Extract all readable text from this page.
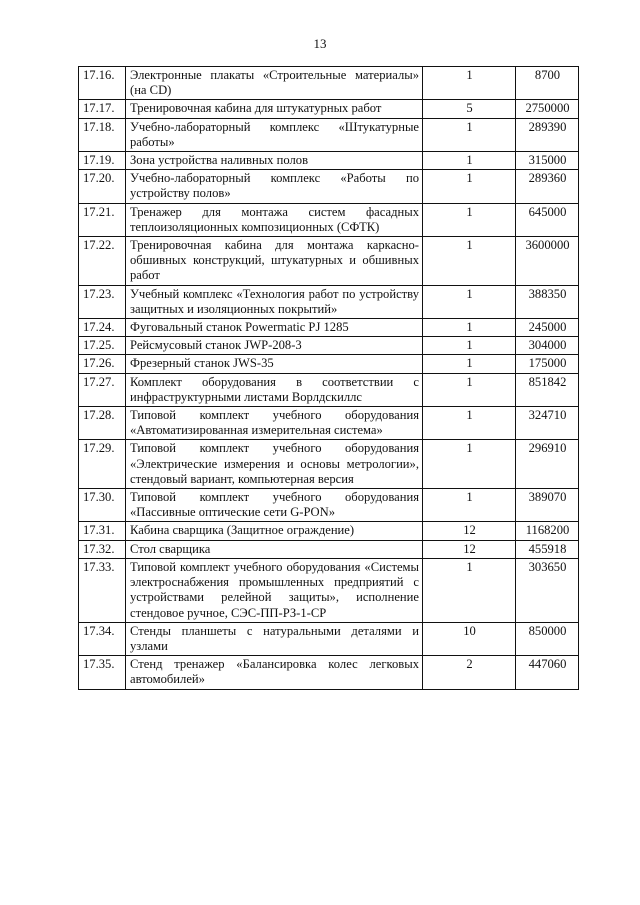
13
17.16.	Электронные плакаты «Строительные материалы» (на CD)	1	8700
17.17.	Тренировочная кабина для штукатурных работ	5	2750000
17.18.	Учебно-лабораторный комплекс «Штукатурные работы»	1	289390
17.19.	Зона устройства наливных полов	1	315000
17.20.	Учебно-лабораторный комплекс «Работы по устройству полов»	1	289360
17.21.	Тренажер для монтажа систем фасадных теплоизоляционных композиционных (СФТК)	1	645000
17.22.	Тренировочная кабина для монтажа каркасно- обшивных конструкций, штукатурных и обшивных работ	1	3600000
17.23.	Учебный комплекс «Технология работ по устройству защитных и изоляционных покрытий»	1	388350
17.24.	Фуговальный станок Powermatic PJ 1285	1	245000
17.25.	Рейсмусовый станок JWP-208-3	1	304000
17.26.	Фрезерный станок JWS-35	1	175000
17.27.	Комплект оборудования в соответствии с инфраструктурными листами Ворлдскиллс	1	851842
17.28.	Типовой комплект учебного оборудования «Автоматизированная измерительная система»	1	324710
17.29.	Типовой комплект учебного оборудования «Электрические измерения и основы метрологии», стендовый вариант, компьютерная версия	1	296910
17.30.	Типовой комплект учебного оборудования «Пассивные оптические сети G-PON»	1	389070
17.31.	Кабина сварщика (Защитное ограждение)	12	1168200
17.32.	Стол сварщика	12	455918
17.33.	Типовой комплект учебного оборудования «Системы электроснабжения промышленных предприятий с устройствами релейной защиты», исполнение стендовое ручное, СЭС-ПП-РЗ-1-СР	1	303650
17.34.	Стенды планшеты с натуральными деталями и узлами	10	850000
17.35.	Стенд тренажер «Балансировка колес легковых автомобилей»	2	447060
